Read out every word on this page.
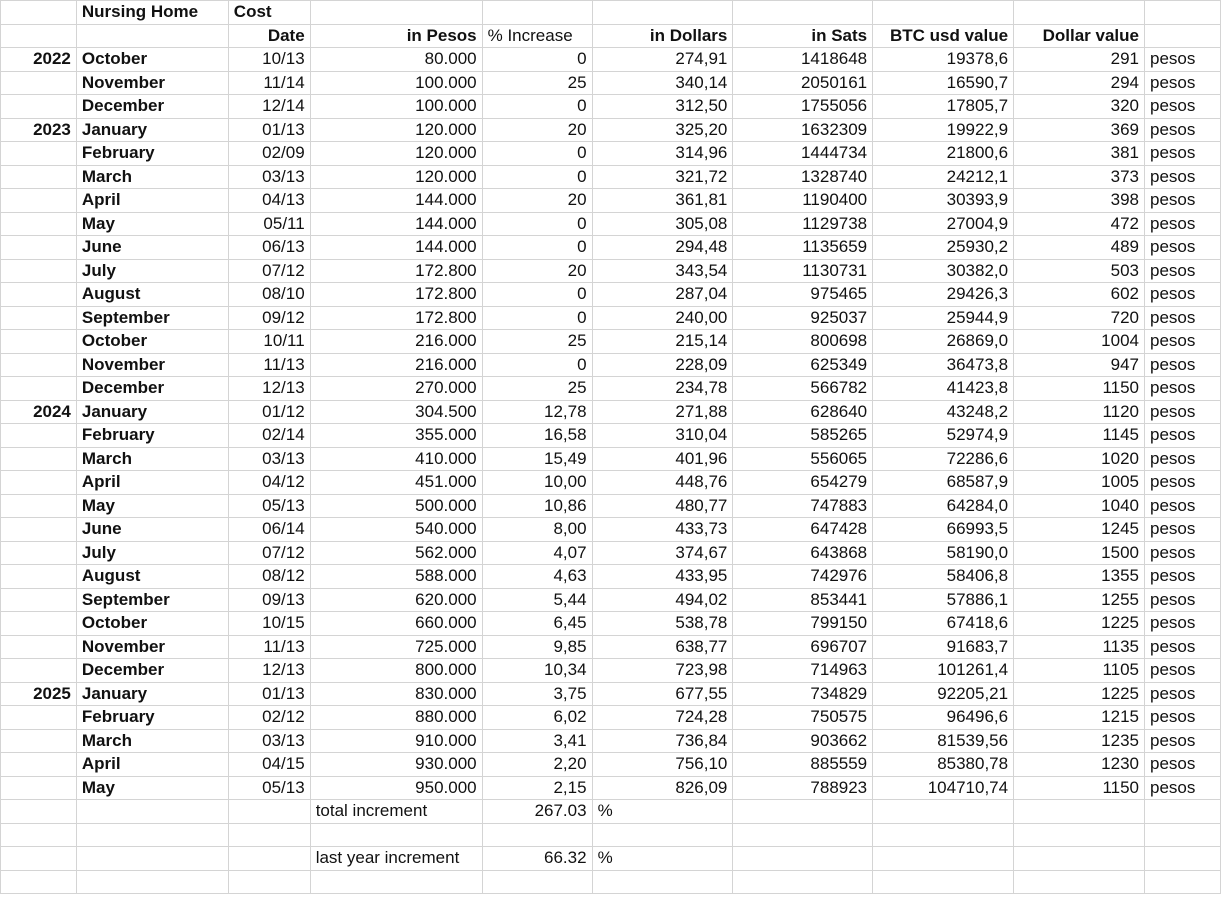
	Nursing Home	Cost							
		Date	in Pesos	% Increase	in Dollars	in Sats	BTC usd value	Dollar value	
2022	October	10/13	80.000	0	274,91	1418648	19378,6	291	pesos
	November	11/14	100.000	25	340,14	2050161	16590,7	294	pesos
	December	12/14	100.000	0	312,50	1755056	17805,7	320	pesos
2023	January	01/13	120.000	20	325,20	1632309	19922,9	369	pesos
	February	02/09	120.000	0	314,96	1444734	21800,6	381	pesos
	March	03/13	120.000	0	321,72	1328740	24212,1	373	pesos
	April	04/13	144.000	20	361,81	1190400	30393,9	398	pesos
	May	05/11	144.000	0	305,08	1129738	27004,9	472	pesos
	June	06/13	144.000	0	294,48	1135659	25930,2	489	pesos
	July	07/12	172.800	20	343,54	1130731	30382,0	503	pesos
	August	08/10	172.800	0	287,04	975465	29426,3	602	pesos
	September	09/12	172.800	0	240,00	925037	25944,9	720	pesos
	October	10/11	216.000	25	215,14	800698	26869,0	1004	pesos
	November	11/13	216.000	0	228,09	625349	36473,8	947	pesos
	December	12/13	270.000	25	234,78	566782	41423,8	1150	pesos
2024	January	01/12	304.500	12,78	271,88	628640	43248,2	1120	pesos
	February	02/14	355.000	16,58	310,04	585265	52974,9	1145	pesos
	March	03/13	410.000	15,49	401,96	556065	72286,6	1020	pesos
	April	04/12	451.000	10,00	448,76	654279	68587,9	1005	pesos
	May	05/13	500.000	10,86	480,77	747883	64284,0	1040	pesos
	June	06/14	540.000	8,00	433,73	647428	66993,5	1245	pesos
	July	07/12	562.000	4,07	374,67	643868	58190,0	1500	pesos
	August	08/12	588.000	4,63	433,95	742976	58406,8	1355	pesos
	September	09/13	620.000	5,44	494,02	853441	57886,1	1255	pesos
	October	10/15	660.000	6,45	538,78	799150	67418,6	1225	pesos
	November	11/13	725.000	9,85	638,77	696707	91683,7	1135	pesos
	December	12/13	800.000	10,34	723,98	714963	101261,4	1105	pesos
2025	January	01/13	830.000	3,75	677,55	734829	92205,21	1225	pesos
	February	02/12	880.000	6,02	724,28	750575	96496,6	1215	pesos
	March	03/13	910.000	3,41	736,84	903662	81539,56	1235	pesos
	April	04/15	930.000	2,20	756,10	885559	85380,78	1230	pesos
	May	05/13	950.000	2,15	826,09	788923	104710,74	1150	pesos
			total increment	267.03	%				

			last year increment	66.32	%				
